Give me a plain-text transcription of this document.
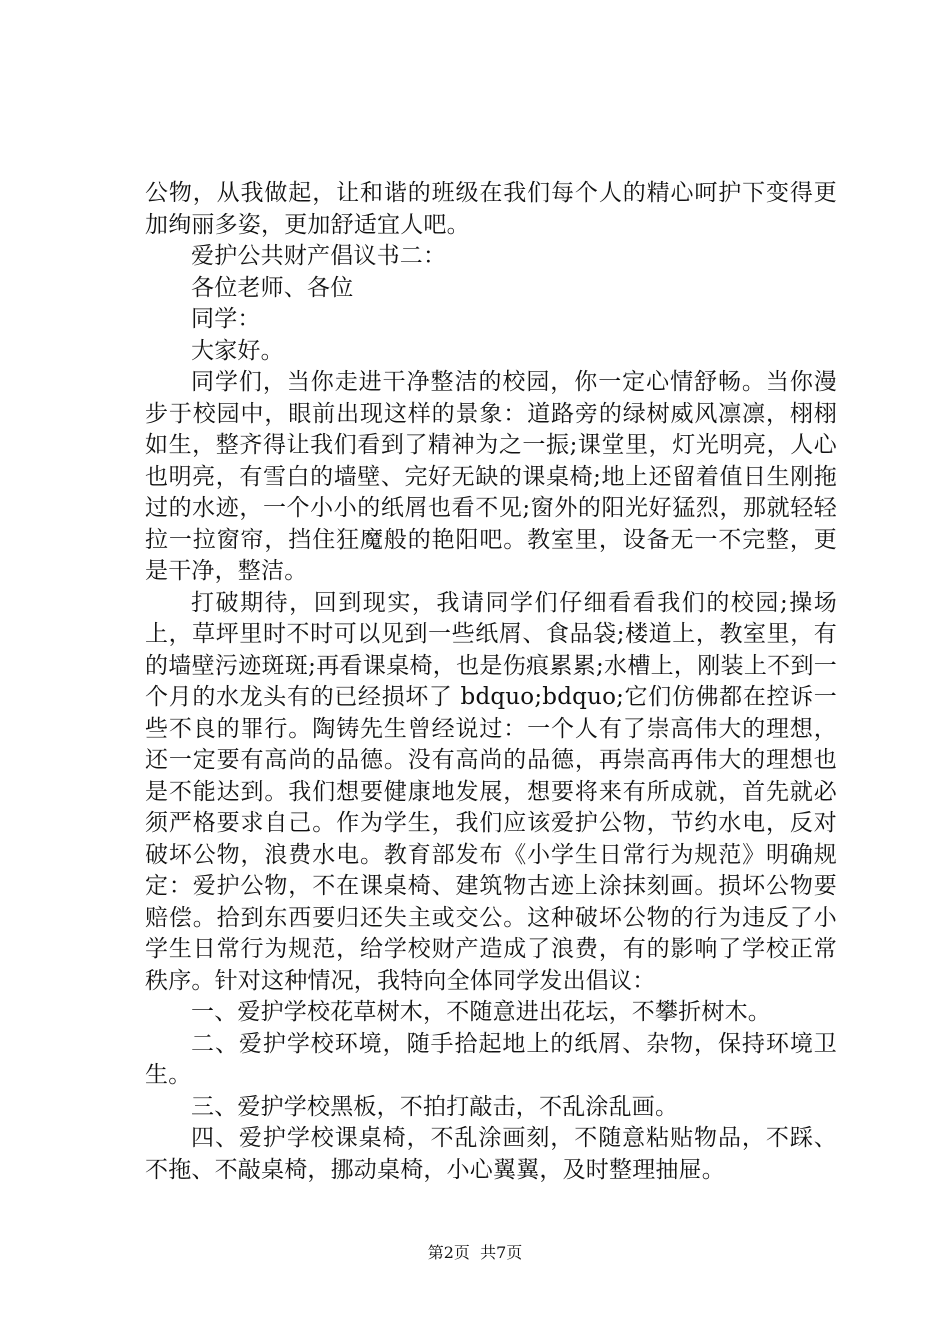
公物，从我做起，让和谐的班级在我们每个人的精心呵护下变得更加绚丽多姿，更加舒适宜人吧。

爱护公共财产倡议书二：

各位老师、各位

同学：

大家好。

同学们，当你走进干净整洁的校园，你一定心情舒畅。当你漫步于校园中，眼前出现这样的景象：道路旁的绿树威风凛凛，栩栩如生，整齐得让我们看到了精神为之一振;课堂里，灯光明亮，人心也明亮，有雪白的墙壁、完好无缺的课桌椅;地上还留着值日生刚拖过的水迹，一个小小的纸屑也看不见;窗外的阳光好猛烈，那就轻轻拉一拉窗帘，挡住狂魔般的艳阳吧。教室里，设备无一不完整，更是干净，整洁。

打破期待，回到现实，我请同学们仔细看看我们的校园;操场上，草坪里时不时可以见到一些纸屑、食品袋;楼道上，教室里，有的墙壁污迹斑斑;再看课桌椅，也是伤痕累累;水槽上，刚装上不到一个月的水龙头有的已经损坏了 bdquo;bdquo;它们仿佛都在控诉一些不良的罪行。陶铸先生曾经说过：一个人有了崇高伟大的理想，还一定要有高尚的品德。没有高尚的品德，再崇高再伟大的理想也是不能达到。我们想要健康地发展，想要将来有所成就，首先就必须严格要求自己。作为学生，我们应该爱护公物，节约水电，反对破坏公物，浪费水电。教育部发布《小学生日常行为规范》明确规定：爱护公物，不在课桌椅、建筑物古迹上涂抹刻画。损坏公物要赔偿。拾到东西要归还失主或交公。这种破坏公物的行为违反了小学生日常行为规范，给学校财产造成了浪费，有的影响了学校正常秩序。针对这种情况，我特向全体同学发出倡议：

一、爱护学校花草树木，不随意进出花坛，不攀折树木。

二、爱护学校环境，随手拾起地上的纸屑、杂物，保持环境卫生。

三、爱护学校黑板，不拍打敲击，不乱涂乱画。

四、爱护学校课桌椅，不乱涂画刻，不随意粘贴物品，不踩、不拖、不敲桌椅，挪动桌椅，小心翼翼，及时整理抽屉。

第2页  共7页
